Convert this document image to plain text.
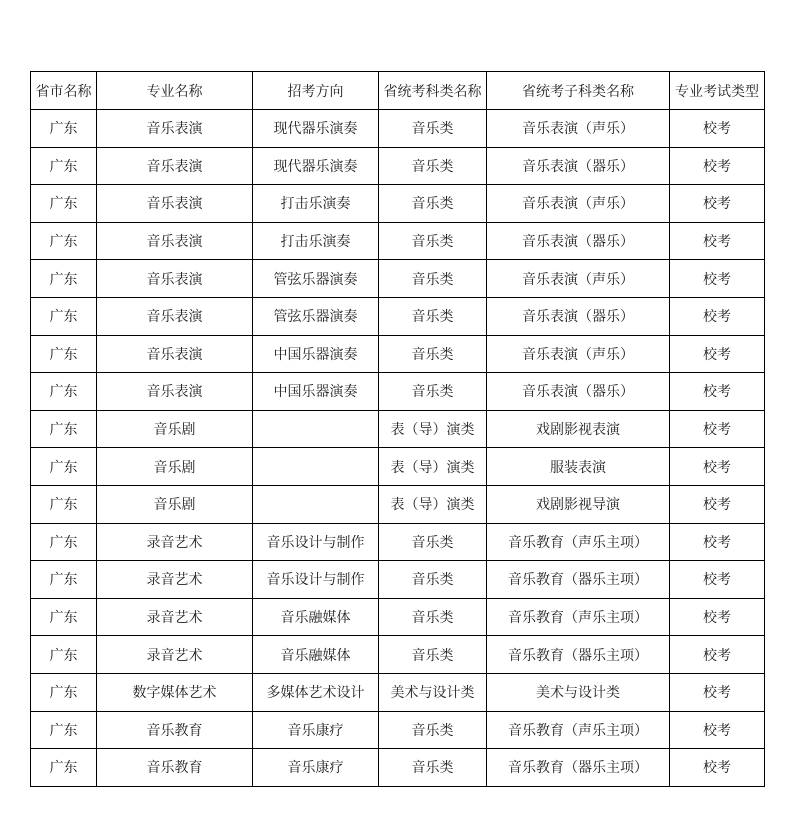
省市名称	专业名称	招考方向	省统考科类名称	省统考子科类名称	专业考试类型
广东	音乐表演	现代器乐演奏	音乐类	音乐表演（声乐）	校考
广东	音乐表演	现代器乐演奏	音乐类	音乐表演（器乐）	校考
广东	音乐表演	打击乐演奏	音乐类	音乐表演（声乐）	校考
广东	音乐表演	打击乐演奏	音乐类	音乐表演（器乐）	校考
广东	音乐表演	管弦乐器演奏	音乐类	音乐表演（声乐）	校考
广东	音乐表演	管弦乐器演奏	音乐类	音乐表演（器乐）	校考
广东	音乐表演	中国乐器演奏	音乐类	音乐表演（声乐）	校考
广东	音乐表演	中国乐器演奏	音乐类	音乐表演（器乐）	校考
广东	音乐剧		表（导）演类	戏剧影视表演	校考
广东	音乐剧		表（导）演类	服装表演	校考
广东	音乐剧		表（导）演类	戏剧影视导演	校考
广东	录音艺术	音乐设计与制作	音乐类	音乐教育（声乐主项）	校考
广东	录音艺术	音乐设计与制作	音乐类	音乐教育（器乐主项）	校考
广东	录音艺术	音乐融媒体	音乐类	音乐教育（声乐主项）	校考
广东	录音艺术	音乐融媒体	音乐类	音乐教育（器乐主项）	校考
广东	数字媒体艺术	多媒体艺术设计	美术与设计类	美术与设计类	校考
广东	音乐教育	音乐康疗	音乐类	音乐教育（声乐主项）	校考
广东	音乐教育	音乐康疗	音乐类	音乐教育（器乐主项）	校考
